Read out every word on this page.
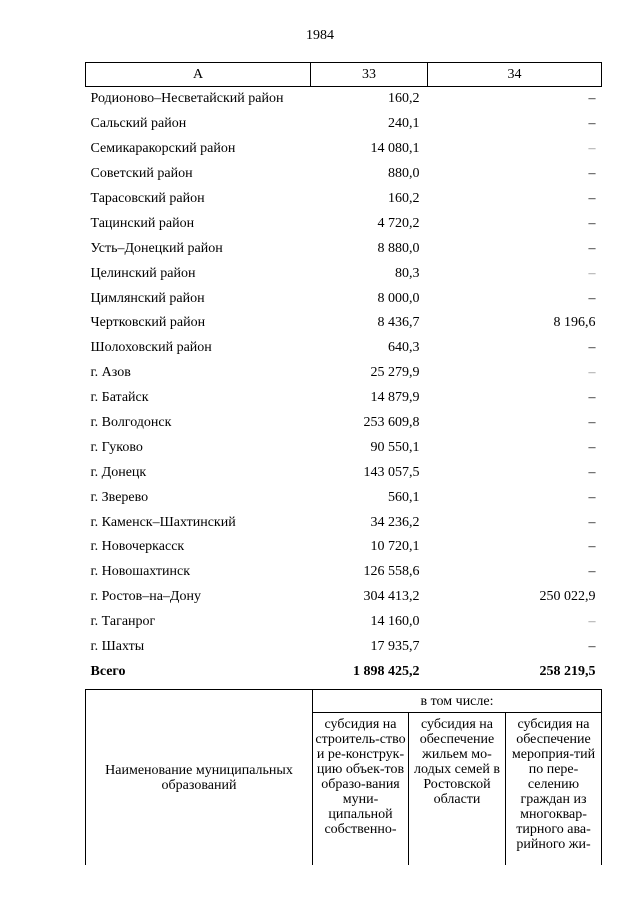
1984
А	33	34
Родионово–Несветайский район	160,2	–
Сальский район	240,1	–
Семикаракорский район	14 080,1	–
Советский район	880,0	–
Тарасовский район	160,2	–
Тацинский район	4 720,2	–
Усть–Донецкий район	8 880,0	–
Целинский район	80,3	–
Цимлянский район	8 000,0	–
Чертковский район	8 436,7	8 196,6
Шолоховский район	640,3	–
г. Азов	25 279,9	–
г. Батайск	14 879,9	–
г. Волгодонск	253 609,8	–
г. Гуково	90 550,1	–
г. Донецк	143 057,5	–
г. Зверево	560,1	–
г. Каменск–Шахтинский	34 236,2	–
г. Новочеркасск	10 720,1	–
г. Новошахтинск	126 558,6	–
г. Ростов–на–Дону	304 413,2	250 022,9
г. Таганрог	14 160,0	–
г. Шахты	17 935,7	–
Всего	1 898 425,2	258 219,5
Наименование муниципальных образований	в том числе:		
	субсидия на строитель-ство и ре-конструк-цию объек-тов образо-вания муни-ципальной собственно-	субсидия на обеспечение жильем мо-лодых семей в Ростовской области	субсидия на обеспечение мероприя-тий по пере-селению граждан из многоквар-тирного ава-рийного жи-
